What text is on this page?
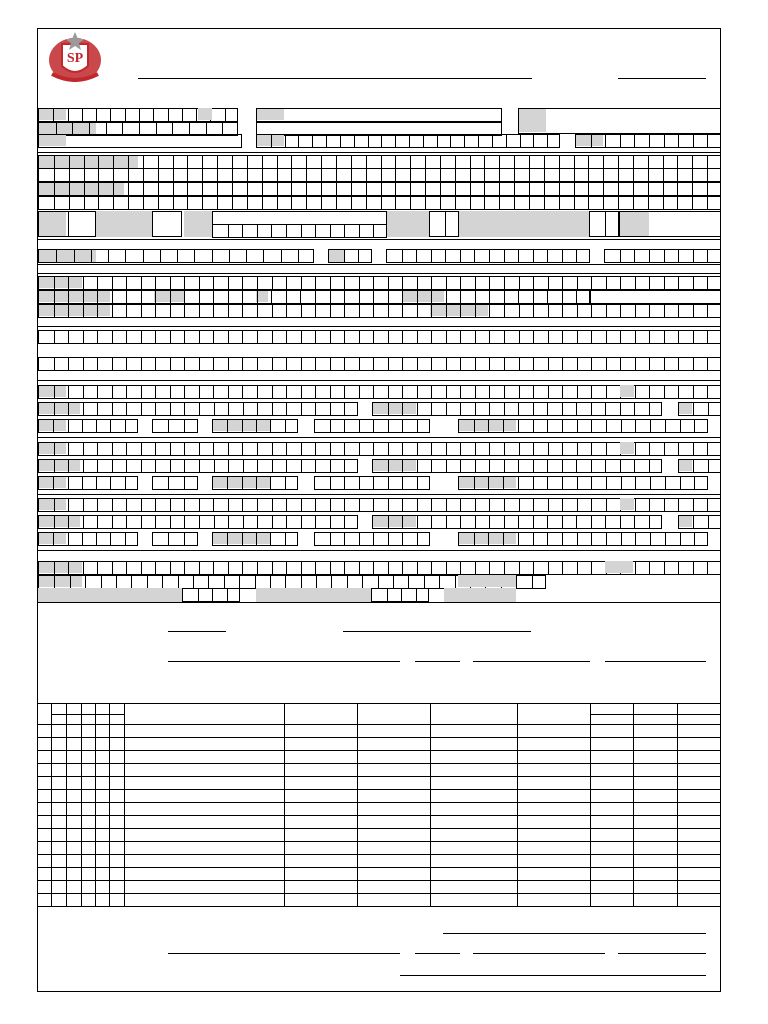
SP
